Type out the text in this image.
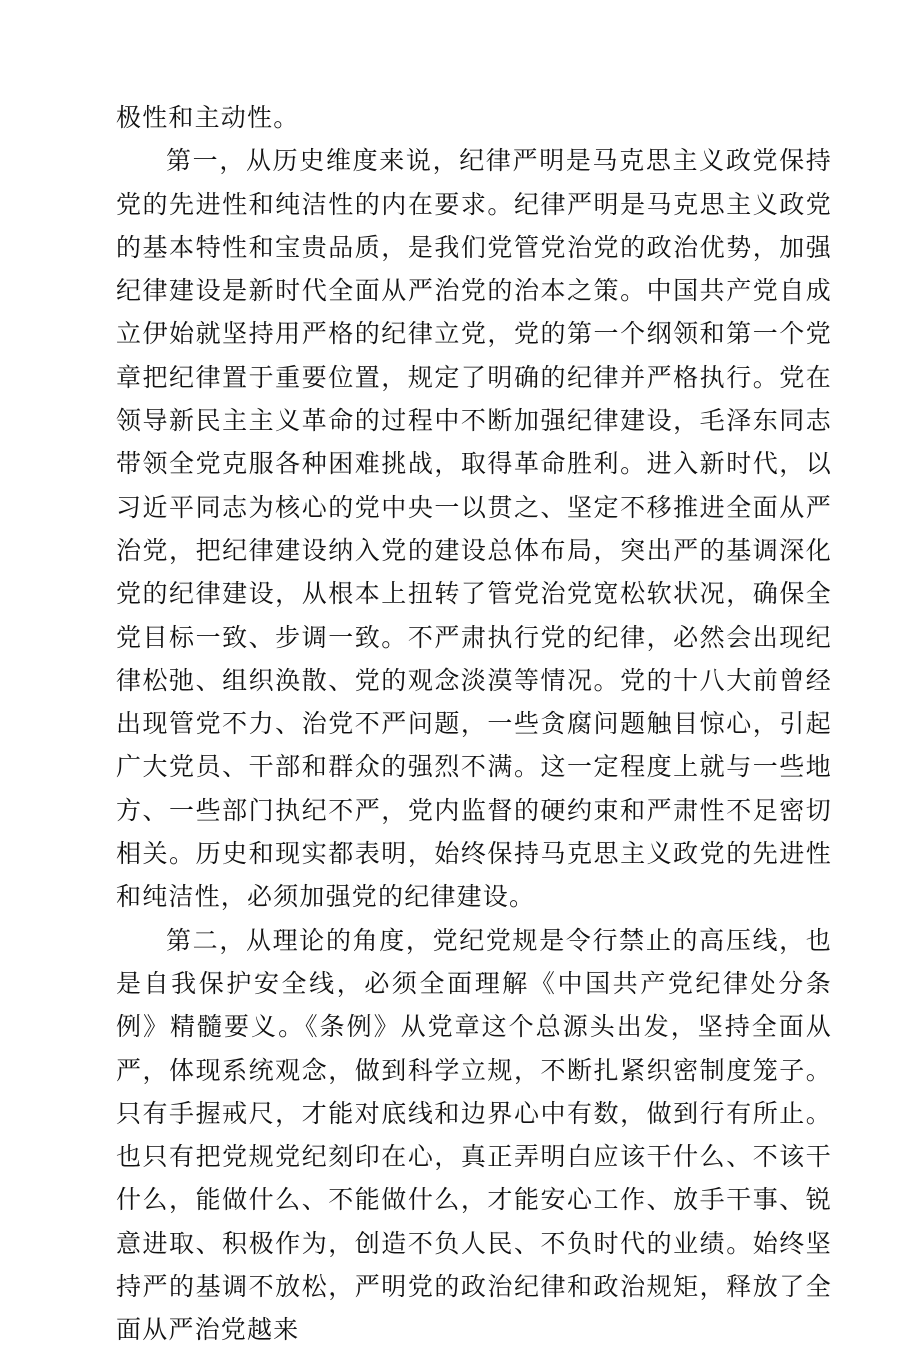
极性和主动性。

第一，从历史维度来说，纪律严明是马克思主义政党保持党的先进性和纯洁性的内在要求。纪律严明是马克思主义政党的基本特性和宝贵品质，是我们党管党治党的政治优势，加强纪律建设是新时代全面从严治党的治本之策。中国共产党自成立伊始就坚持用严格的纪律立党，党的第一个纲领和第一个党章把纪律置于重要位置，规定了明确的纪律并严格执行。党在领导新民主主义革命的过程中不断加强纪律建设，毛泽东同志带领全党克服各种困难挑战，取得革命胜利。进入新时代，以习近平同志为核心的党中央一以贯之、坚定不移推进全面从严治党，把纪律建设纳入党的建设总体布局，突出严的基调深化党的纪律建设，从根本上扭转了管党治党宽松软状况，确保全党目标一致、步调一致。不严肃执行党的纪律，必然会出现纪律松弛、组织涣散、党的观念淡漠等情况。党的十八大前曾经出现管党不力、治党不严问题，一些贪腐问题触目惊心，引起广大党员、干部和群众的强烈不满。这一定程度上就与一些地方、一些部门执纪不严，党内监督的硬约束和严肃性不足密切相关。历史和现实都表明，始终保持马克思主义政党的先进性和纯洁性，必须加强党的纪律建设。

第二，从理论的角度，党纪党规是令行禁止的高压线，也是自我保护安全线，必须全面理解《中国共产党纪律处分条例》精髓要义。《条例》从党章这个总源头出发，坚持全面从严，体现系统观念，做到科学立规，不断扎紧织密制度笼子。只有手握戒尺，才能对底线和边界心中有数，做到行有所止。也只有把党规党纪刻印在心，真正弄明白应该干什么、不该干什么，能做什么、不能做什么，才能安心工作、放手干事、锐意进取、积极作为，创造不负人民、不负时代的业绩。始终坚持严的基调不放松，严明党的政治纪律和政治规矩，释放了全面从严治党越来
